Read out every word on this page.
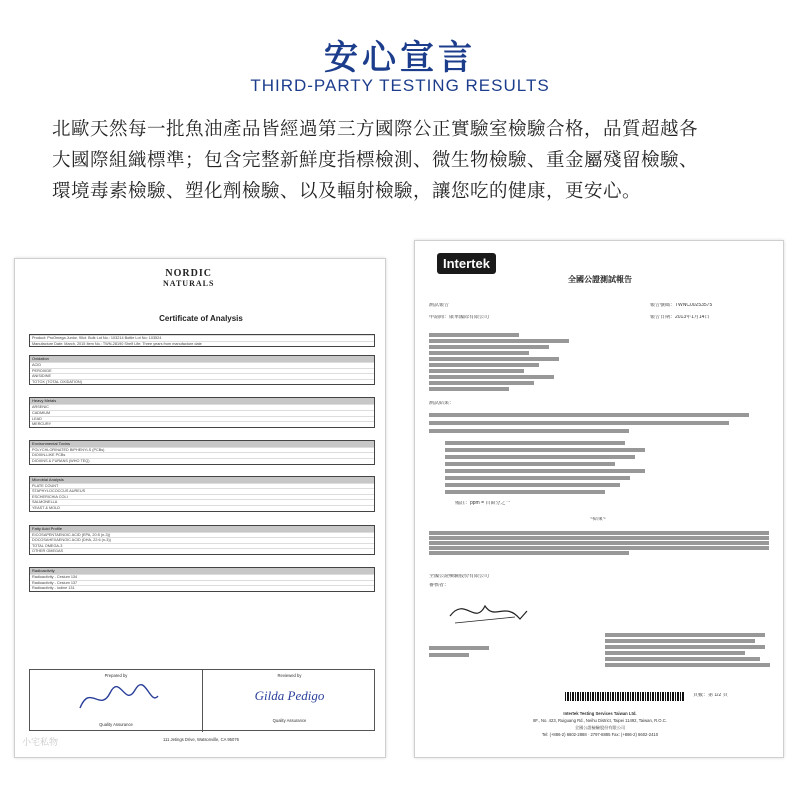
安心宣言
THIRD-PARTY TESTING RESULTS
北歐天然每一批魚油產品皆經過第三方國際公正實驗室檢驗合格，品質超越各
大國際組織標準；包含完整新鮮度指標檢測、微生物檢驗、重金屬殘留檢驗、
環境毒素檢驗、塑化劑檢驗、以及輻射檢驗，讓您吃的健康，更安心。
NORDIC
NATURALS
Certificate of Analysis
Product: ProOmega Junior, 90ct. Bulk Lot No.: 103214 Bottle Lot No: 103524
Manufacture Date: March, 2015 Item No.: TWN-28190 Shelf Life: Three years from manufacture date
Oxidation
ACID
PEROXIDE
ANISIDINE
TOTOX (TOTAL OXIDATION)
Heavy Metals
ARSENIC
CADMIUM
LEAD
MERCURY
Environmental Toxins
POLYCHLORINATED BIPHENYLS (PCBs)
DIOXIN-LIKE PCBs
DIOXINS & FURANS (WHO TEQ)
Microbial Analysis
PLATE COUNT
STAPHYLOCOCCUS AUREUS
ESCHERICHIA COLI
SALMONELLA
YEAST & MOLD
Fatty Acid Profile
EICOSAPENTAENOIC ACID (EPA, 20:5 (n-3))
DOCOSAHEXAENOIC ACID (DHA, 22:6 (n-3))
TOTAL OMEGA-3
OTHER OMEGAS
Radioactivity
Radioactivity - Cesium 134
Radioactivity - Cesium 137
Radioactivity - Iodine 131
Prepared by
Quality Assurance
Reviewed by
Gilda Pedigo
Quality Assurance
111 Jetings Drive, Watsonville, CA 95076
Intertek
全國公證測試報告
測試報告	報告號碼：TWNC00253575
申請商：康華國際有限公司	報告日期：2013年1月14日
測試結果：
備註：ppm = 百萬分之一
~結束~
全國公證檢驗股份有限公司
審核者：
頁數：第 1/2 頁
Intertek Testing Services Taiwan Ltd.
8F., No. 423, Ruiguang Rd., Neihu District, Taipei 11492, Taiwan, R.O.C.
全國公證檢驗股份有限公司
Tel: (+886-2) 6602-2888 · 2797-8885 Fax: (+886-2) 6602-2410
小宅私物
